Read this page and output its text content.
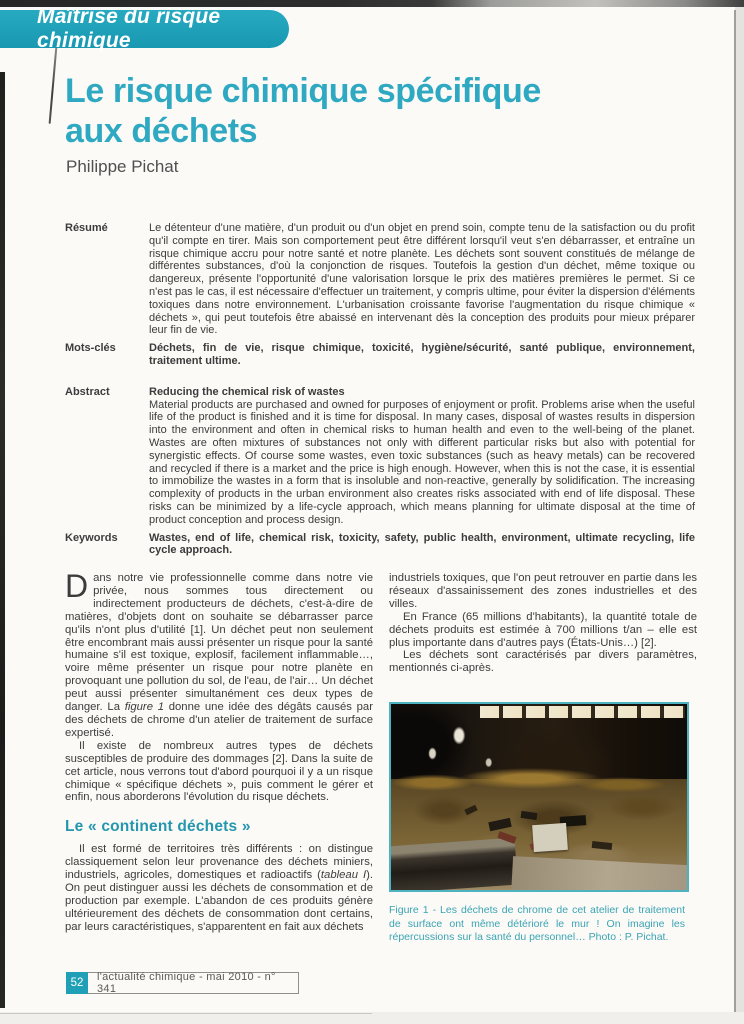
Maîtrise du risque chimique
Le risque chimique spécifique
aux déchets
Philippe Pichat
Résumé	Le détenteur d'une matière, d'un produit ou d'un objet en prend soin, compte tenu de la satisfaction ou du profit qu'il compte en tirer. Mais son comportement peut être différent lorsqu'il veut s'en débarrasser, et entraîne un risque chimique accru pour notre santé et notre planète. Les déchets sont souvent constitués de mélange de différentes substances, d'où la conjonction de risques. Toutefois la gestion d'un déchet, même toxique ou dangereux, présente l'opportunité d'une valorisation lorsque le prix des matières premières le permet. Si ce n'est pas le cas, il est nécessaire d'effectuer un traitement, y compris ultime, pour éviter la dispersion d'éléments toxiques dans notre environnement. L'urbanisation croissante favorise l'augmentation du risque chimique « déchets », qui peut toutefois être abaissé en intervenant dès la conception des produits pour mieux préparer leur fin de vie.
Mots-clés	Déchets, fin de vie, risque chimique, toxicité, hygiène/sécurité, santé publique, environnement, traitement ultime.
Abstract	Reducing the chemical risk of wastes
Material products are purchased and owned for purposes of enjoyment or profit. Problems arise when the useful life of the product is finished and it is time for disposal. In many cases, disposal of wastes results in dispersion into the environment and often in chemical risks to human health and even to the well-being of the planet. Wastes are often mixtures of substances not only with different particular risks but also with potential for synergistic effects. Of course some wastes, even toxic substances (such as heavy metals) can be recovered and recycled if there is a market and the price is high enough. However, when this is not the case, it is essential to immobilize the wastes in a form that is insoluble and non-reactive, generally by solidification. The increasing complexity of products in the urban environment also creates risks associated with end of life disposal. These risks can be minimized by a life-cycle approach, which means planning for ultimate disposal at the time of product conception and process design.
Keywords	Wastes, end of life, chemical risk, toxicity, safety, public health, environment, ultimate recycling, life cycle approach.

Dans notre vie professionnelle comme dans notre vie privée, nous sommes tous directement ou indirectement producteurs de déchets, c'est-à-dire de matières, d'objets dont on souhaite se débarrasser parce qu'ils n'ont plus d'utilité [1]. Un déchet peut non seulement être encombrant mais aussi présenter un risque pour la santé humaine s'il est toxique, explosif, facilement inflammable…, voire même présenter un risque pour notre planète en provoquant une pollution du sol, de l'eau, de l'air… Un déchet peut aussi présenter simultanément ces deux types de danger. La figure 1 donne une idée des dégâts causés par des déchets de chrome d'un atelier de traitement de surface expertisé.

Il existe de nombreux autres types de déchets susceptibles de produire des dommages [2]. Dans la suite de cet article, nous verrons tout d'abord pourquoi il y a un risque chimique « spécifique déchets », puis comment le gérer et enfin, nous aborderons l'évolution du risque déchets.

Le « continent déchets »

Il est formé de territoires très différents : on distingue classiquement selon leur provenance des déchets miniers, industriels, agricoles, domestiques et radioactifs (tableau I). On peut distinguer aussi les déchets de consommation et de production par exemple. L'abandon de ces produits génère ultérieurement des déchets de consommation dont certains, par leurs caractéristiques, s'apparentent en fait aux déchets

industriels toxiques, que l'on peut retrouver en partie dans les réseaux d'assainissement des zones industrielles et des villes.

En France (65 millions d'habitants), la quantité totale de déchets produits est estimée à 700 millions t/an – elle est plus importante dans d'autres pays (États-Unis…) [2].

Les déchets sont caractérisés par divers paramètres, mentionnés ci-après.

Figure 1 - Les déchets de chrome de cet atelier de traitement de surface ont même détérioré le mur ! On imagine les répercussions sur la santé du personnel… Photo : P. Pichat.
52	l'actualité chimique - mai 2010 - n° 341
